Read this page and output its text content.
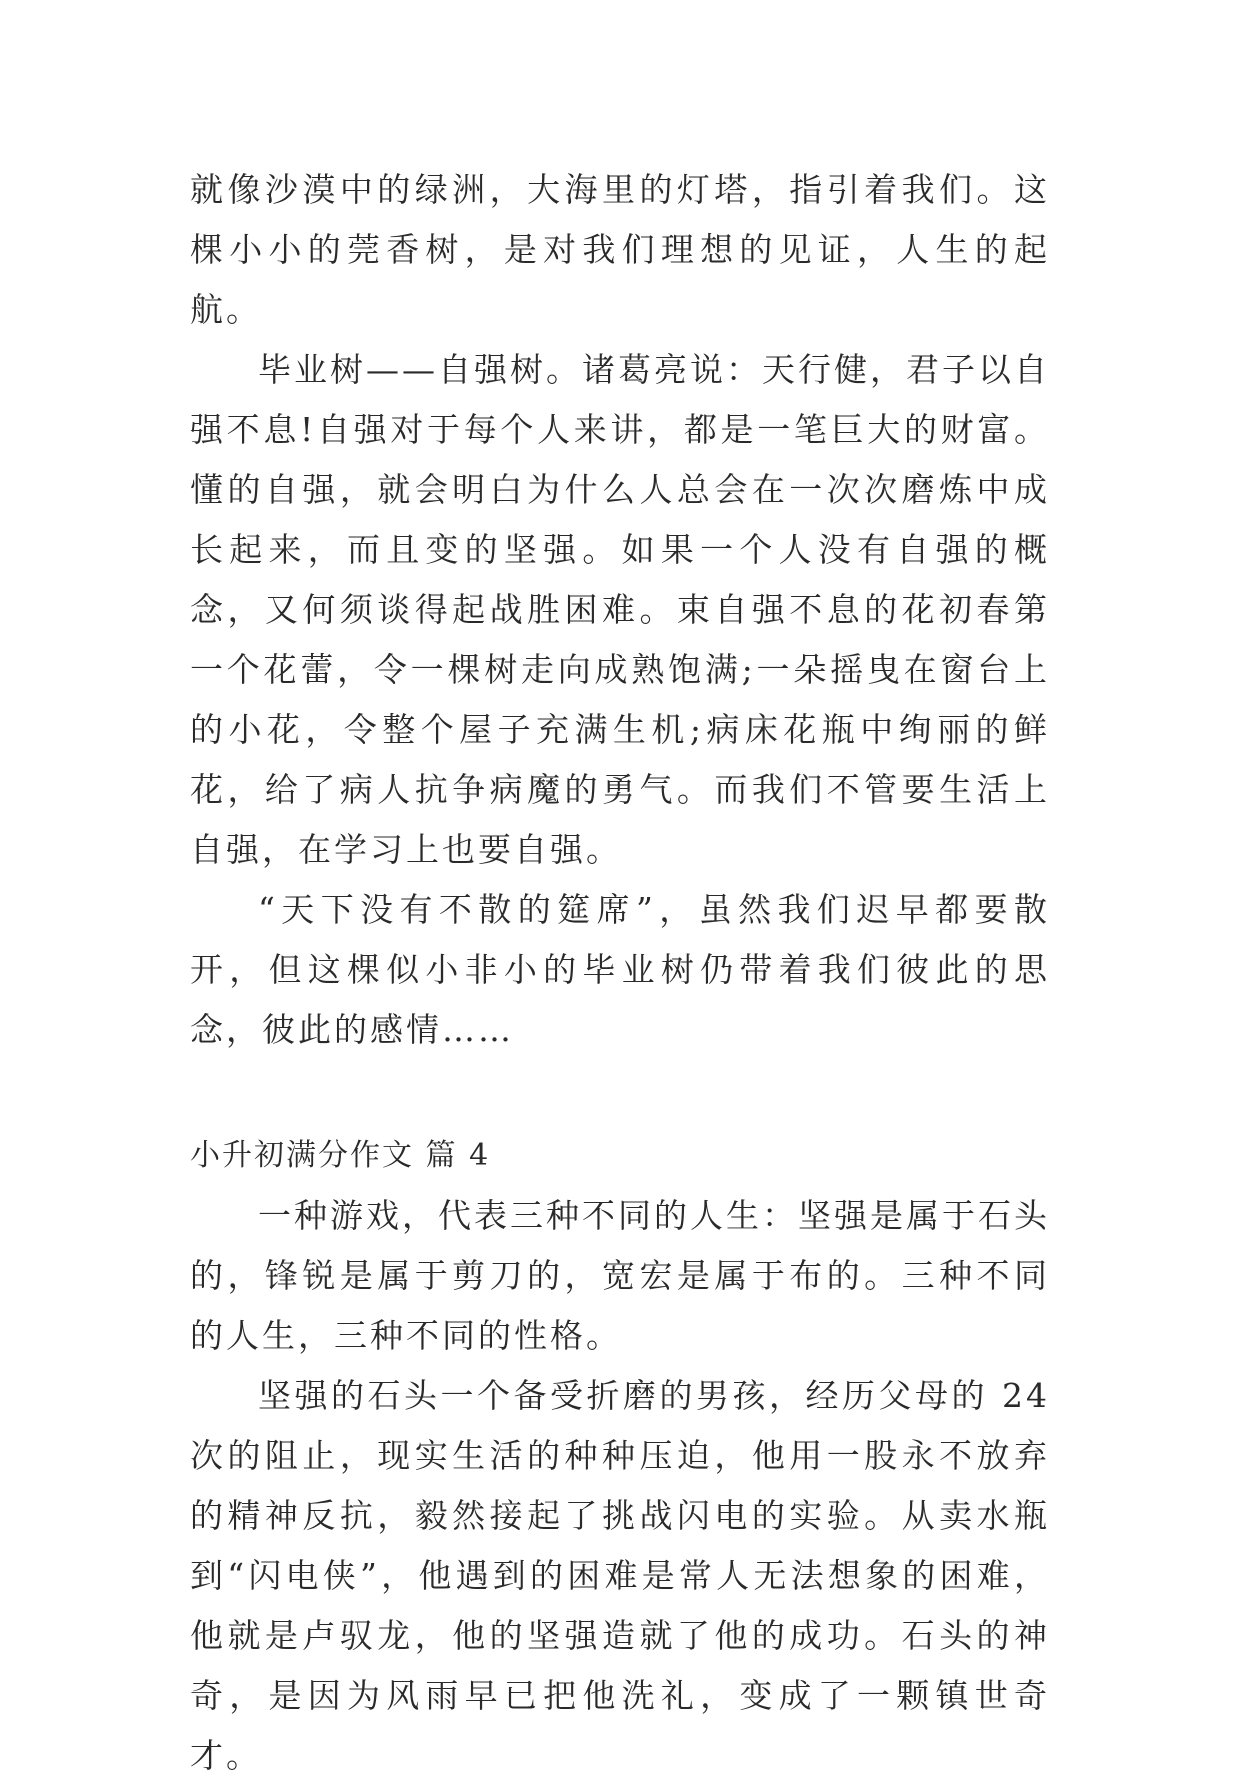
就像沙漠中的绿洲，大海里的灯塔，指引着我们。这棵小小的莞香树，是对我们理想的见证，人生的起航。

毕业树——自强树。诸葛亮说：天行健，君子以自强不息!自强对于每个人来讲，都是一笔巨大的财富。懂的自强，就会明白为什么人总会在一次次磨炼中成长起来，而且变的坚强。如果一个人没有自强的概念，又何须谈得起战胜困难。束自强不息的花初春第一个花蕾，令一棵树走向成熟饱满;一朵摇曳在窗台上的小花，令整个屋子充满生机;病床花瓶中绚丽的鲜花，给了病人抗争病魔的勇气。而我们不管要生活上自强，在学习上也要自强。

“天下没有不散的筵席”，虽然我们迟早都要散开，但这棵似小非小的毕业树仍带着我们彼此的思念，彼此的感情……

小升初满分作文 篇 4

一种游戏，代表三种不同的人生：坚强是属于石头的，锋锐是属于剪刀的，宽宏是属于布的。三种不同的人生，三种不同的性格。

坚强的石头一个备受折磨的男孩，经历父母的 24 次的阻止，现实生活的种种压迫，他用一股永不放弃的精神反抗，毅然接起了挑战闪电的实验。从卖水瓶到“闪电侠”，他遇到的困难是常人无法想象的困难，他就是卢驭龙，他的坚强造就了他的成功。石头的神奇，是因为风雨早已把他洗礼，变成了一颗镇世奇才。
